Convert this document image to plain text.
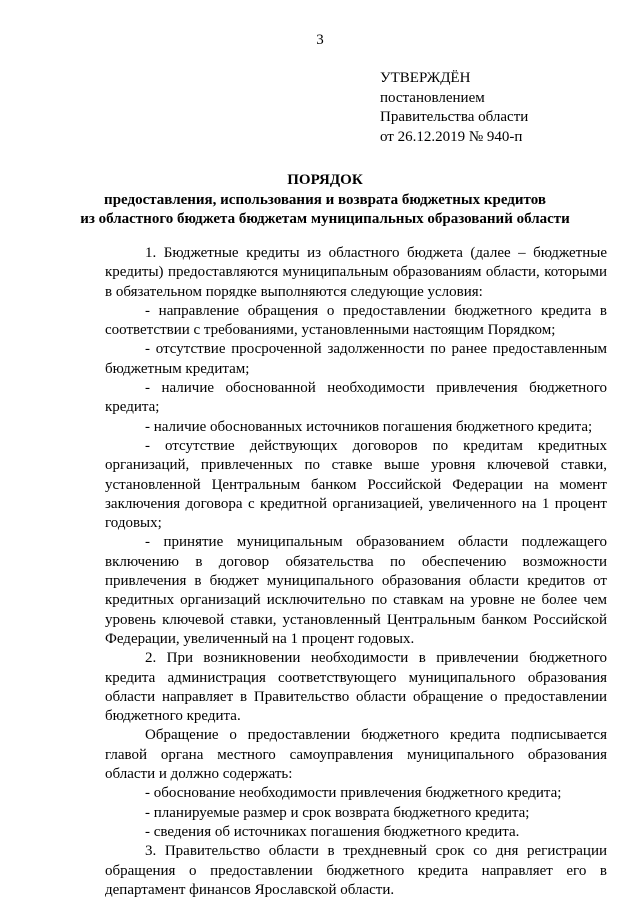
3
УТВЕРЖДЁН
постановлением
Правительства области
от 26.12.2019 № 940-п
ПОРЯДОК
предоставления, использования и возврата бюджетных кредитов
из областного бюджета бюджетам муниципальных образований области

1. Бюджетные кредиты из областного бюджета (далее – бюджетные кредиты) предоставляются муниципальным образованиям области, которыми в обязательном порядке выполняются следующие условия:

- направление обращения о предоставлении бюджетного кредита в соответствии с требованиями, установленными настоящим Порядком;

- отсутствие просроченной задолженности по ранее предоставленным бюджетным кредитам;

- наличие обоснованной необходимости привлечения бюджетного кредита;

- наличие обоснованных источников погашения бюджетного кредита;

- отсутствие действующих договоров по кредитам кредитных организаций, привлеченных по ставке выше уровня ключевой ставки, установленной Центральным банком Российской Федерации на момент заключения договора с кредитной организацией, увеличенного на 1 процент годовых;

- принятие муниципальным образованием области подлежащего включению в договор обязательства по обеспечению возможности привлечения в бюджет муниципального образования области кредитов от кредитных организаций исключительно по ставкам на уровне не более чем уровень ключевой ставки, установленный Центральным банком Российской Федерации, увеличенный на 1 процент годовых.

2. При возникновении необходимости в привлечении бюджетного кредита администрация соответствующего муниципального образования области направляет в Правительство области обращение о предоставлении бюджетного кредита.

Обращение о предоставлении бюджетного кредита подписывается главой органа местного самоуправления муниципального образования области и должно содержать:

- обоснование необходимости привлечения бюджетного кредита;

- планируемые размер и срок возврата бюджетного кредита;

- сведения об источниках погашения бюджетного кредита.

3. Правительство области в трехдневный срок со дня регистрации обращения о предоставлении бюджетного кредита направляет его в департамент финансов Ярославской области.
